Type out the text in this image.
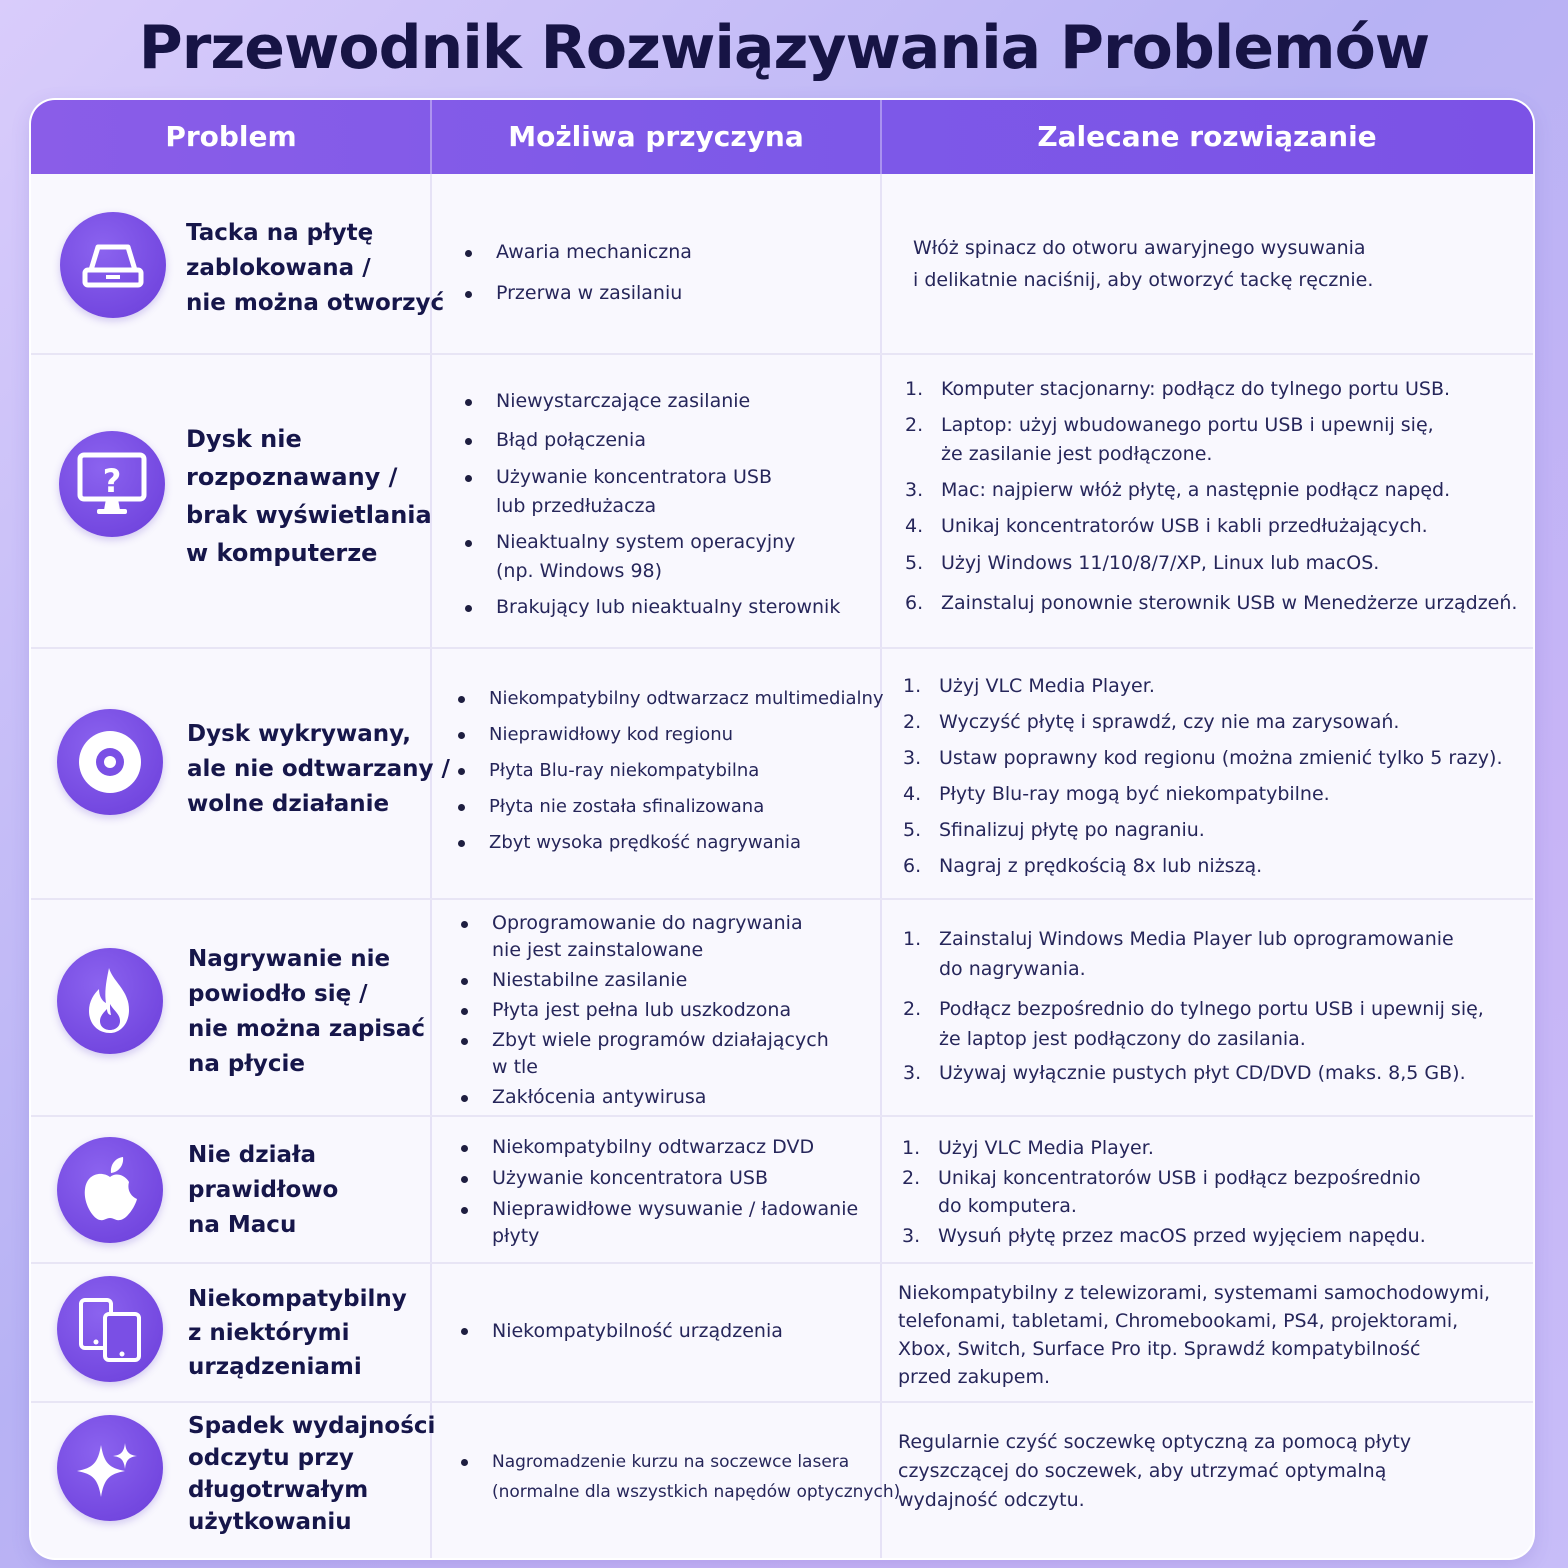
Przewodnik Rozwiązywania Problemów
Problem	Możliwa przyczyna	Zalecane rozwiązanie
Tacka na płytę
zablokowana /
nie można otworzyć
Awaria mechaniczna
Przerwa w zasilaniu

Włóż spinacz do otworu awaryjnego wysuwania
i delikatnie naciśnij, aby otworzyć tackę ręcznie.

?
Dysk nie
rozpoznawany /
brak wyświetlania
w komputerze
Niewystarczające zasilanie
Błąd połączenia
Używanie koncentratora USB
lub przedłużacza
Nieaktualny system operacyjny
(np. Windows 98)
Brakujący lub nieaktualny sterownik
1. Komputer stacjonarny: podłącz do tylnego portu USB.
2. Laptop: użyj wbudowanego portu USB i upewnij się,
że zasilanie jest podłączone.
3. Mac: najpierw włóż płytę, a następnie podłącz napęd.
4. Unikaj koncentratorów USB i kabli przedłużających.
5. Użyj Windows 11/10/8/7/XP, Linux lub macOS.
6. Zainstaluj ponownie sterownik USB w Menedżerze urządzeń.
Dysk wykrywany,
ale nie odtwarzany /
wolne działanie
Niekompatybilny odtwarzacz multimedialny
Nieprawidłowy kod regionu
Płyta Blu-ray niekompatybilna
Płyta nie została sfinalizowana
Zbyt wysoka prędkość nagrywania
1. Użyj VLC Media Player.
2. Wyczyść płytę i sprawdź, czy nie ma zarysowań.
3. Ustaw poprawny kod regionu (można zmienić tylko 5 razy).
4. Płyty Blu-ray mogą być niekompatybilne.
5. Sfinalizuj płytę po nagraniu.
6. Nagraj z prędkością 8x lub niższą.
Nagrywanie nie
powiodło się /
nie można zapisać
na płycie
Oprogramowanie do nagrywania
nie jest zainstalowane
Niestabilne zasilanie
Płyta jest pełna lub uszkodzona
Zbyt wiele programów działających
w tle
Zakłócenia antywirusa
1. Zainstaluj Windows Media Player lub oprogramowanie
do nagrywania.
2. Podłącz bezpośrednio do tylnego portu USB i upewnij się,
że laptop jest podłączony do zasilania.
3. Używaj wyłącznie pustych płyt CD/DVD (maks. 8,5 GB).
Nie działa
prawidłowo
na Macu
Niekompatybilny odtwarzacz DVD
Używanie koncentratora USB
Nieprawidłowe wysuwanie / ładowanie
płyty
1. Użyj VLC Media Player.
2. Unikaj koncentratorów USB i podłącz bezpośrednio
do komputera.
3. Wysuń płytę przez macOS przed wyjęciem napędu.
Niekompatybilny
z niektórymi
urządzeniami
Niekompatybilność urządzenia

Niekompatybilny z telewizorami, systemami samochodowymi,
telefonami, tabletami, Chromebookami, PS4, projektorami,
Xbox, Switch, Surface Pro itp. Sprawdź kompatybilność
przed zakupem.

Spadek wydajności
odczytu przy
długotrwałym
użytkowaniu
Nagromadzenie kurzu na soczewce lasera
(normalne dla wszystkich napędów optycznych)

Regularnie czyść soczewkę optyczną za pomocą płyty
czyszczącej do soczewek, aby utrzymać optymalną
wydajność odczytu.
